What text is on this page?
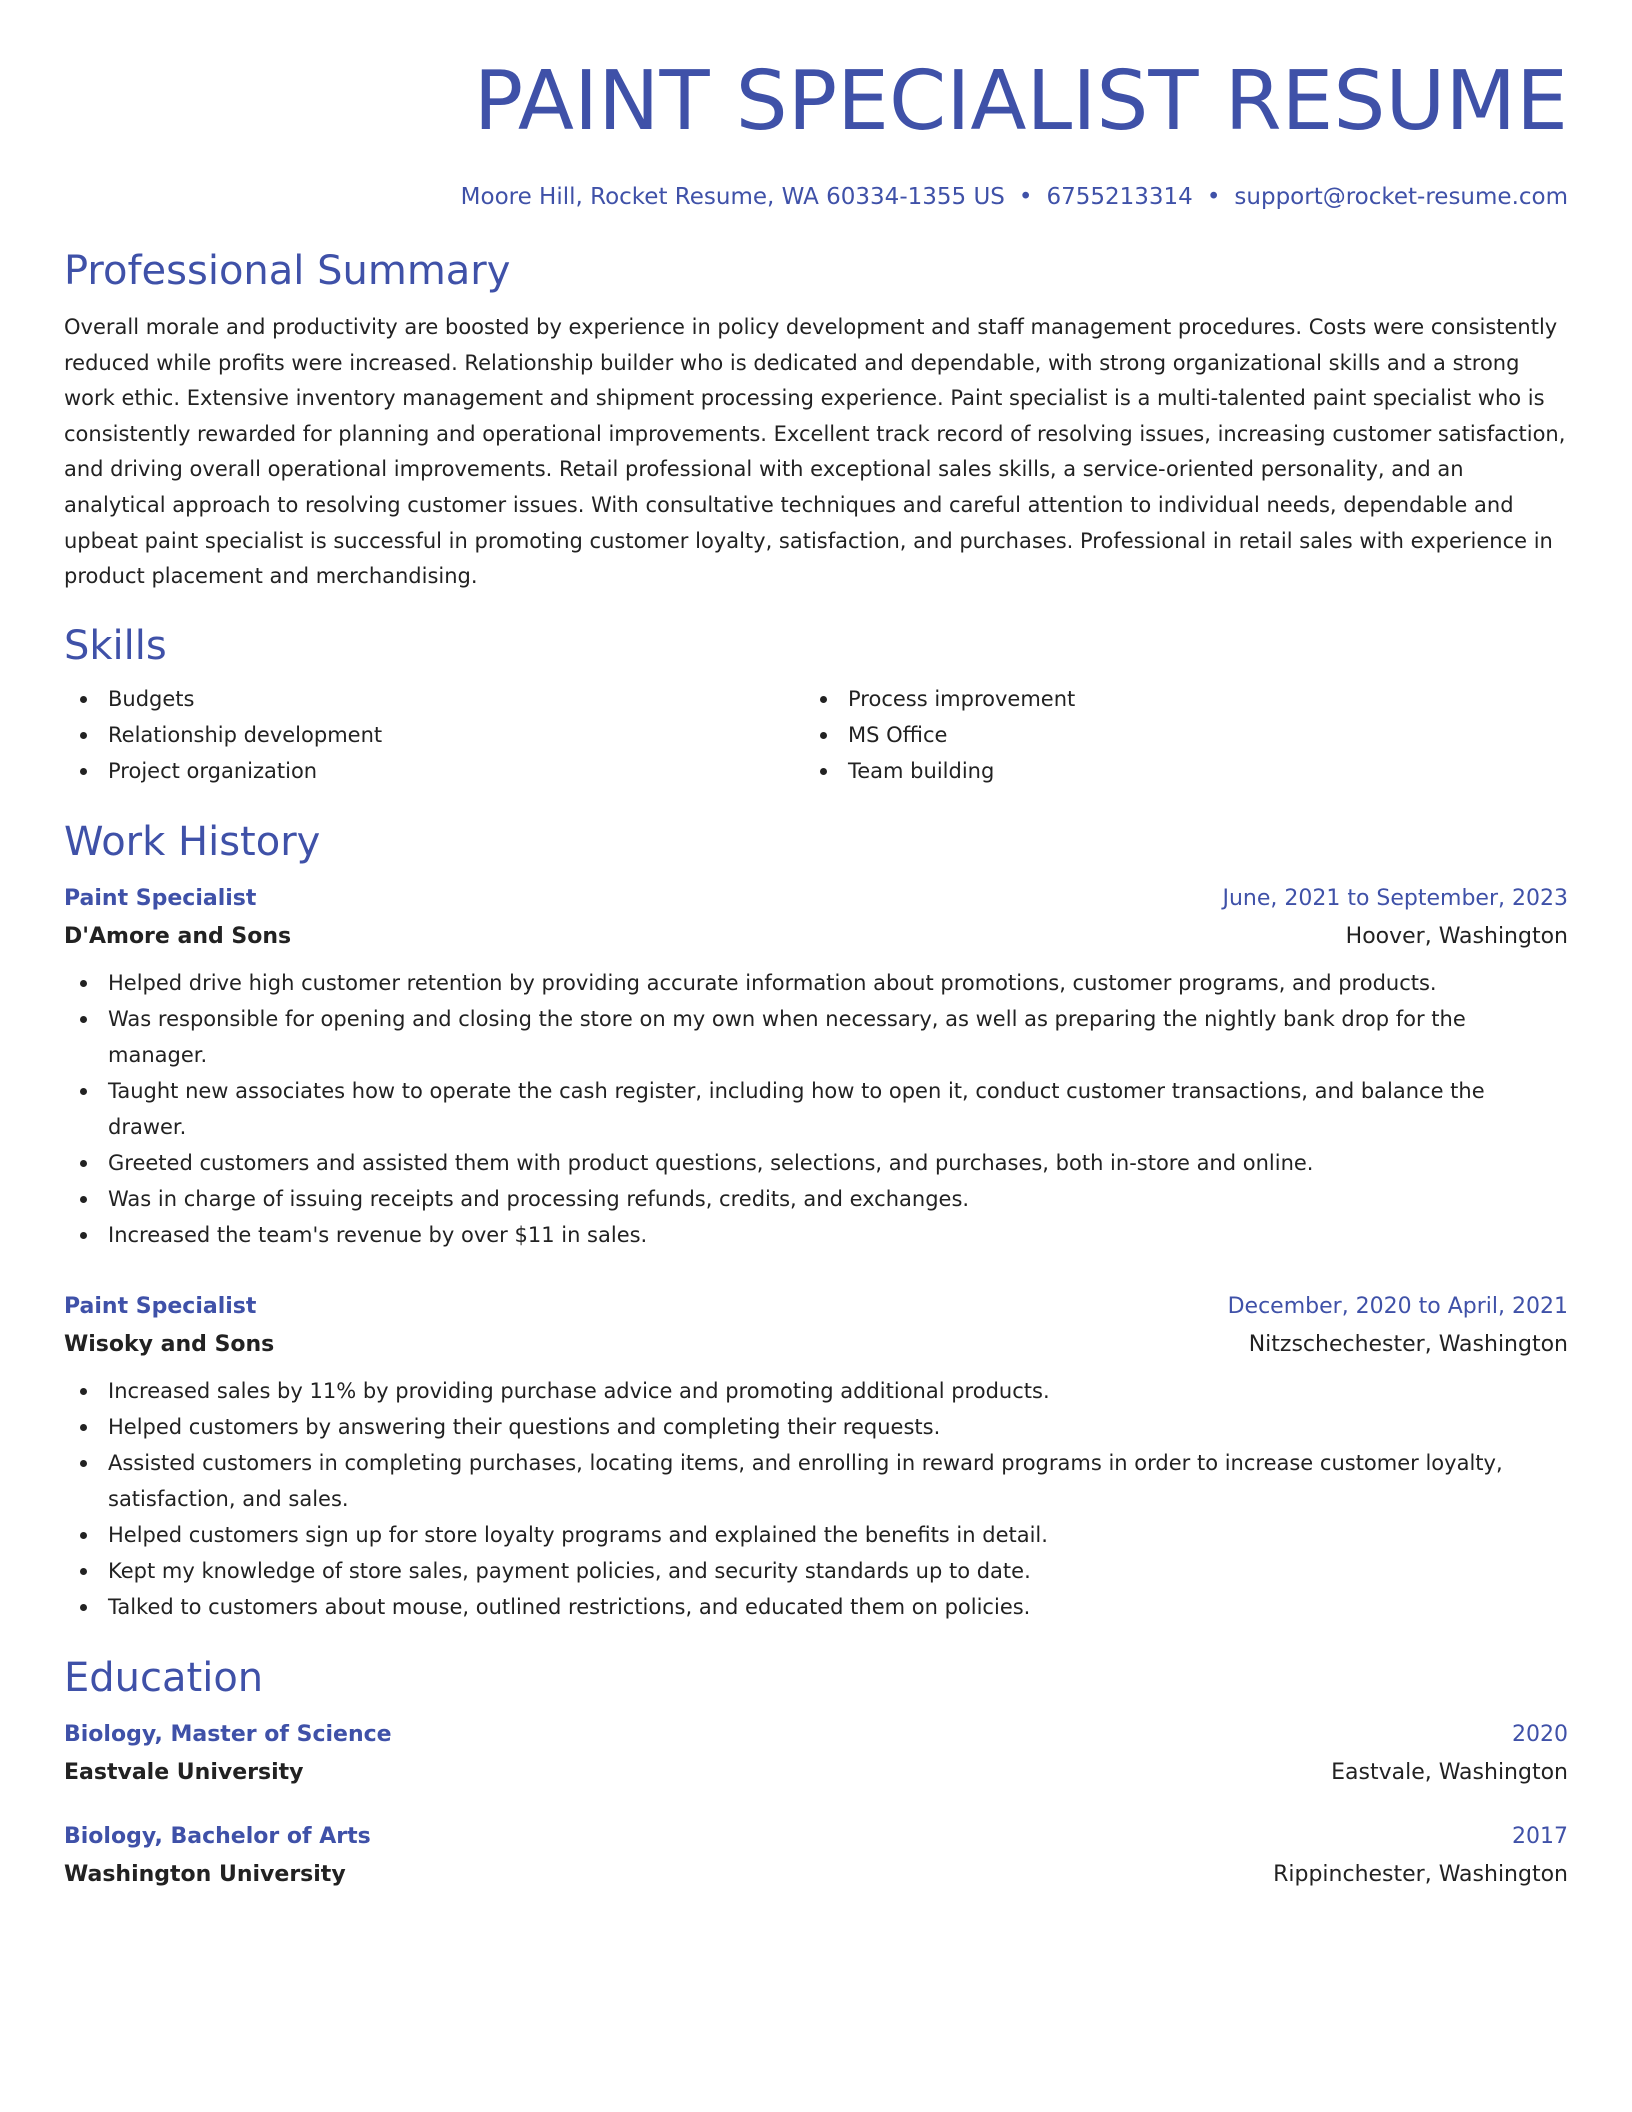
PAINT SPECIALIST RESUME
Moore Hill, Rocket Resume, WA 60334-1355 US • 6755213314 • support@rocket-resume.com
Professional Summary
Overall morale and productivity are boosted by experience in policy development and staff management procedures. Costs were consistently reduced while profits were increased. Relationship builder who is dedicated and dependable, with strong organizational skills and a strong work ethic. Extensive inventory management and shipment processing experience. Paint specialist is a multi-talented paint specialist who is consistently rewarded for planning and operational improvements. Excellent track record of resolving issues, increasing customer satisfaction, and driving overall operational improvements. Retail professional with exceptional sales skills, a service-oriented personality, and an analytical approach to resolving customer issues. With consultative techniques and careful attention to individual needs, dependable and upbeat paint specialist is successful in promoting customer loyalty, satisfaction, and purchases. Professional in retail sales with experience in product placement and merchandising.
Skills
Budgets
Relationship development
Project organization
Process improvement
MS Office
Team building
Work History
Paint Specialist	June, 2021 to September, 2023
D'Amore and Sons	Hoover, Washington
Helped drive high customer retention by providing accurate information about promotions, customer programs, and products.
Was responsible for opening and closing the store on my own when necessary, as well as preparing the nightly bank drop for the manager.
Taught new associates how to operate the cash register, including how to open it, conduct customer transactions, and balance the drawer.
Greeted customers and assisted them with product questions, selections, and purchases, both in-store and online.
Was in charge of issuing receipts and processing refunds, credits, and exchanges.
Increased the team's revenue by over $11 in sales.
Paint Specialist	December, 2020 to April, 2021
Wisoky and Sons	Nitzschechester, Washington
Increased sales by 11% by providing purchase advice and promoting additional products.
Helped customers by answering their questions and completing their requests.
Assisted customers in completing purchases, locating items, and enrolling in reward programs in order to increase customer loyalty, satisfaction, and sales.
Helped customers sign up for store loyalty programs and explained the benefits in detail.
Kept my knowledge of store sales, payment policies, and security standards up to date.
Talked to customers about mouse, outlined restrictions, and educated them on policies.
Education
Biology, Master of Science	2020
Eastvale University	Eastvale, Washington
Biology, Bachelor of Arts	2017
Washington University	Rippinchester, Washington
